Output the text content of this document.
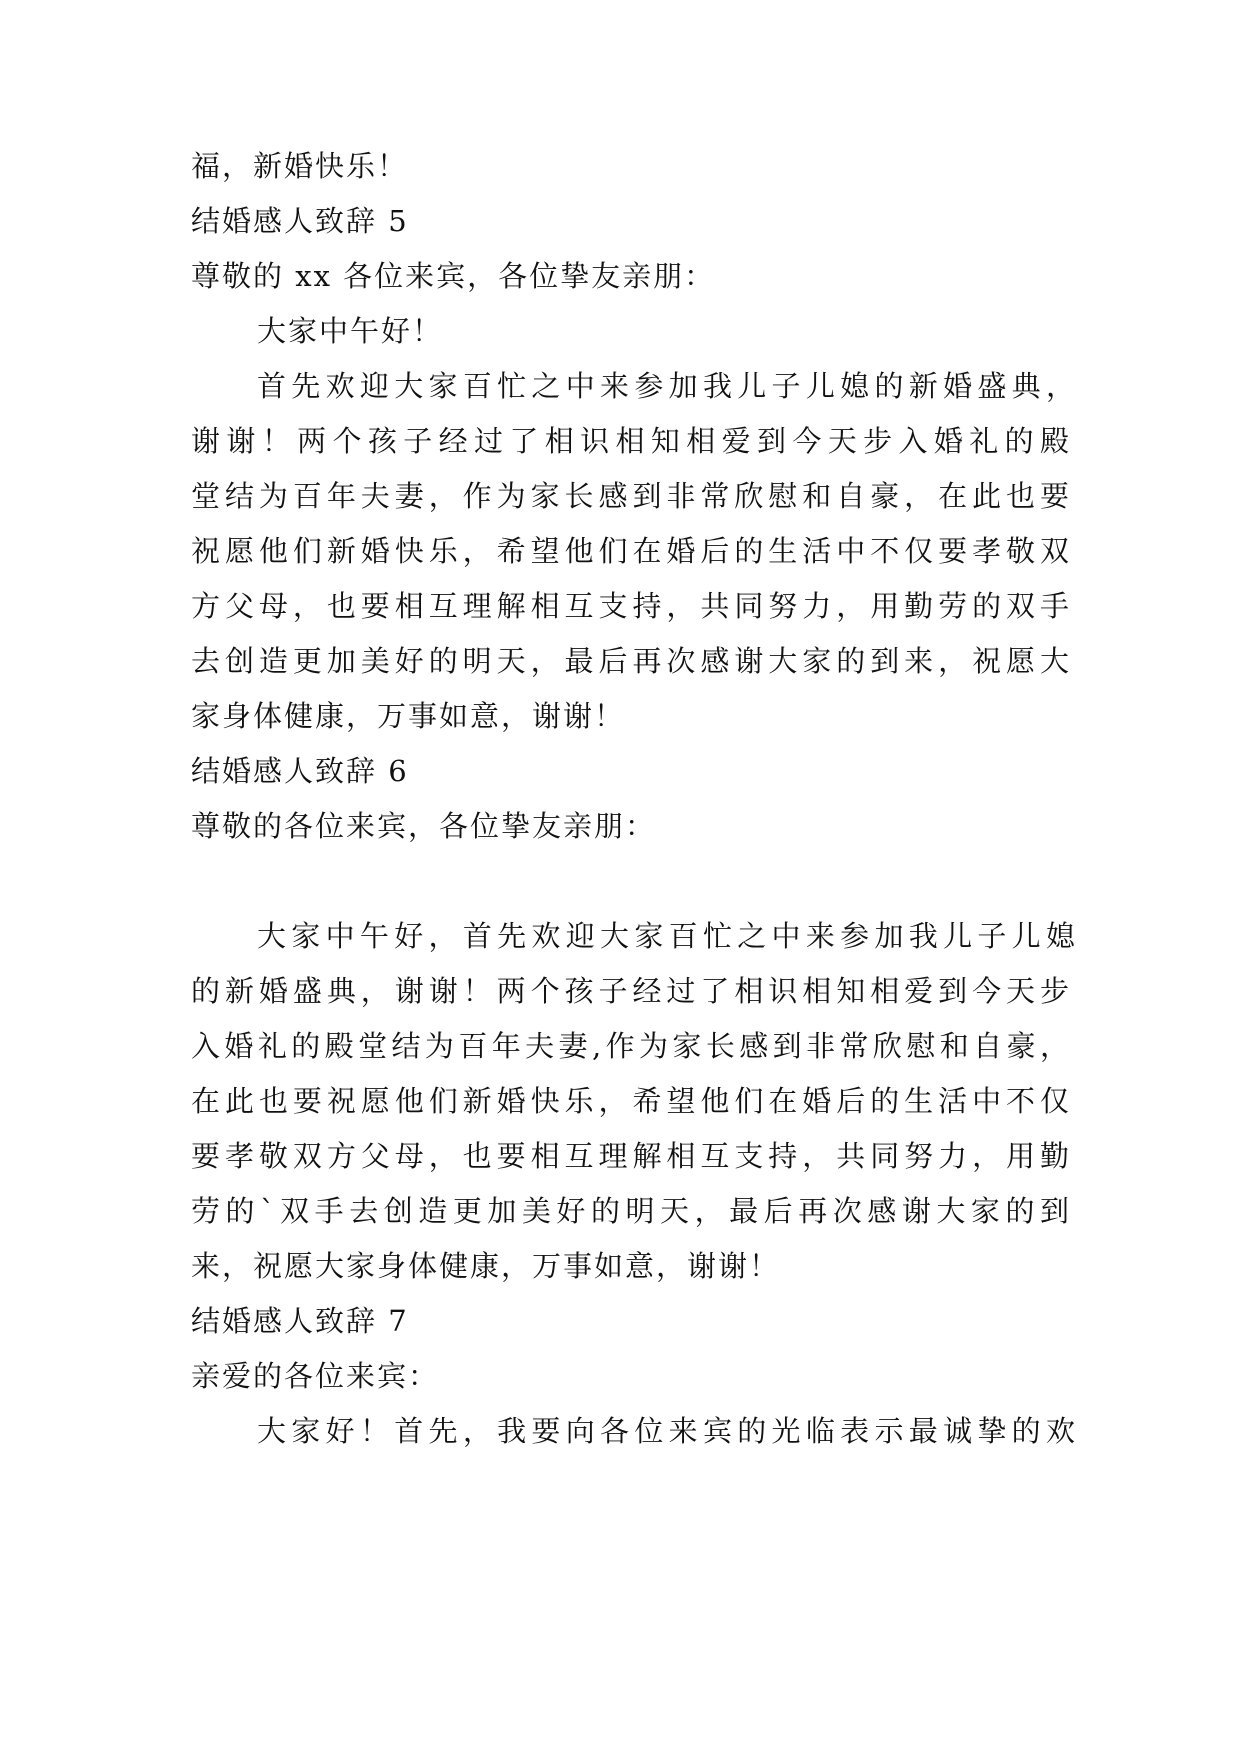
福，新婚快乐！
结婚感人致辞 5
尊敬的 xx 各位来宾，各位挚友亲朋：
大家中午好！
首先欢迎大家百忙之中来参加我儿子儿媳的新婚盛典，
谢谢！两个孩子经过了相识相知相爱到今天步入婚礼的殿
堂结为百年夫妻，作为家长感到非常欣慰和自豪，在此也要
祝愿他们新婚快乐，希望他们在婚后的生活中不仅要孝敬双
方父母，也要相互理解相互支持，共同努力，用勤劳的双手
去创造更加美好的明天，最后再次感谢大家的到来，祝愿大
家身体健康，万事如意，谢谢！
结婚感人致辞 6
尊敬的各位来宾，各位挚友亲朋：
大家中午好，首先欢迎大家百忙之中来参加我儿子儿媳
的新婚盛典，谢谢！两个孩子经过了相识相知相爱到今天步
入婚礼的殿堂结为百年夫妻,作为家长感到非常欣慰和自豪，
在此也要祝愿他们新婚快乐，希望他们在婚后的生活中不仅
要孝敬双方父母，也要相互理解相互支持，共同努力，用勤
劳的`双手去创造更加美好的明天，最后再次感谢大家的到
来，祝愿大家身体健康，万事如意，谢谢！
结婚感人致辞 7
亲爱的各位来宾：
大家好！首先，我要向各位来宾的光临表示最诚挚的欢
